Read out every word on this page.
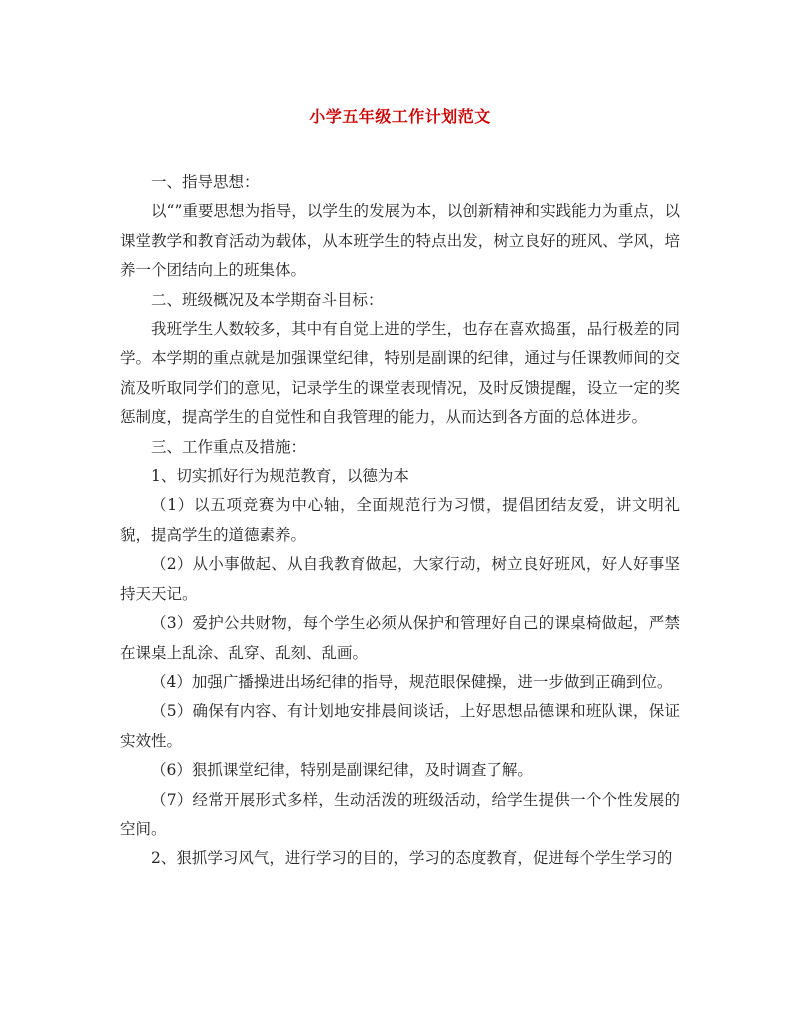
小学五年级工作计划范文

一、指导思想：

以“”重要思想为指导，以学生的发展为本，以创新精神和实践能力为重点，以课堂教学和教育活动为载体，从本班学生的特点出发，树立良好的班风、学风，培养一个团结向上的班集体。

二、班级概况及本学期奋斗目标：

我班学生人数较多，其中有自觉上进的学生，也存在喜欢捣蛋，品行极差的同学。本学期的重点就是加强课堂纪律，特别是副课的纪律，通过与任课教师间的交流及听取同学们的意见，记录学生的课堂表现情况，及时反馈提醒，设立一定的奖惩制度，提高学生的自觉性和自我管理的能力，从而达到各方面的总体进步。

三、工作重点及措施：

1、切实抓好行为规范教育，以德为本

（1）以五项竞赛为中心轴，全面规范行为习惯，提倡团结友爱，讲文明礼貌，提高学生的道德素养。

（2）从小事做起、从自我教育做起，大家行动，树立良好班风，好人好事坚持天天记。

（3）爱护公共财物，每个学生必须从保护和管理好自己的课桌椅做起，严禁在课桌上乱涂、乱穿、乱刻、乱画。

（4）加强广播操进出场纪律的指导，规范眼保健操，进一步做到正确到位。

（5）确保有内容、有计划地安排晨间谈话，上好思想品德课和班队课，保证实效性。

（6）狠抓课堂纪律，特别是副课纪律，及时调查了解。

（7）经常开展形式多样，生动活泼的班级活动，给学生提供一个个性发展的空间。

2、狠抓学习风气，进行学习的目的，学习的态度教育，促进每个学生学习的
